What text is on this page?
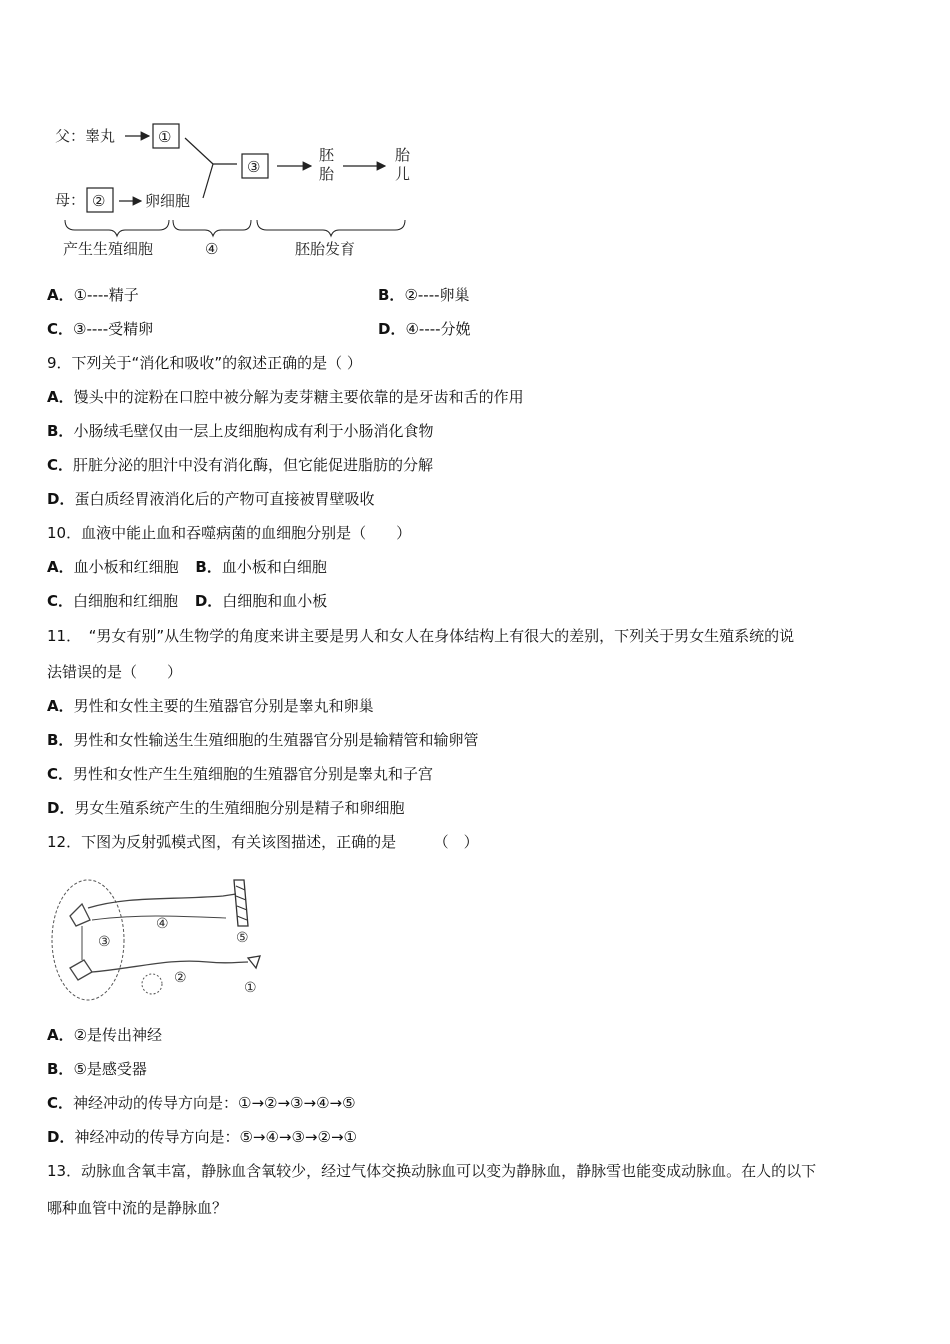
父：睾丸	①
③
胚
胎
胎
儿
母： ②	卵细胞
产生生殖细胞	④	胚胎发育
A．①----精子	B．②----卵巢
C．③----受精卵	D．④----分娩
9．下列关于“消化和吸收”的叙述正确的是（ ）
A．馒头中的淀粉在口腔中被分解为麦芽糖主要依靠的是牙齿和舌的作用
B．小肠绒毛壁仅由一层上皮细胞构成有利于小肠消化食物
C．肝脏分泌的胆汁中没有消化酶，但它能促进脂肪的分解
D．蛋白质经胃液消化后的产物可直接被胃壁吸收
10．血液中能止血和吞噬病菌的血细胞分别是（　　）
A．血小板和红细胞 B．血小板和白细胞
C．白细胞和红细胞 D．白细胞和血小板
11．　“男女有别”从生物学的角度来讲主要是男人和女人在身体结构上有很大的差别，下列关于男女生殖系统的说
法错误的是（　　）
A．男性和女性主要的生殖器官分别是睾丸和卵巢
B．男性和女性输送生生殖细胞的生殖器官分别是输精管和输卵管
C．男性和女性产生生殖细胞的生殖器官分别是睾丸和子宫
D．男女生殖系统产生的生殖细胞分别是精子和卵细胞
12．下图为反射弧模式图，有关该图描述，正确的是　　　（　）
③
④
⑤
①
②
A．②是传出神经
B．⑤是感受器
C．神经冲动的传导方向是：①→②→③→④→⑤
D．神经冲动的传导方向是：⑤→④→③→②→①
13．动脉血含氧丰富，静脉血含氧较少，经过气体交换动脉血可以变为静脉血，静脉雪也能变成动脉血。在人的以下
哪种血管中流的是静脉血？
